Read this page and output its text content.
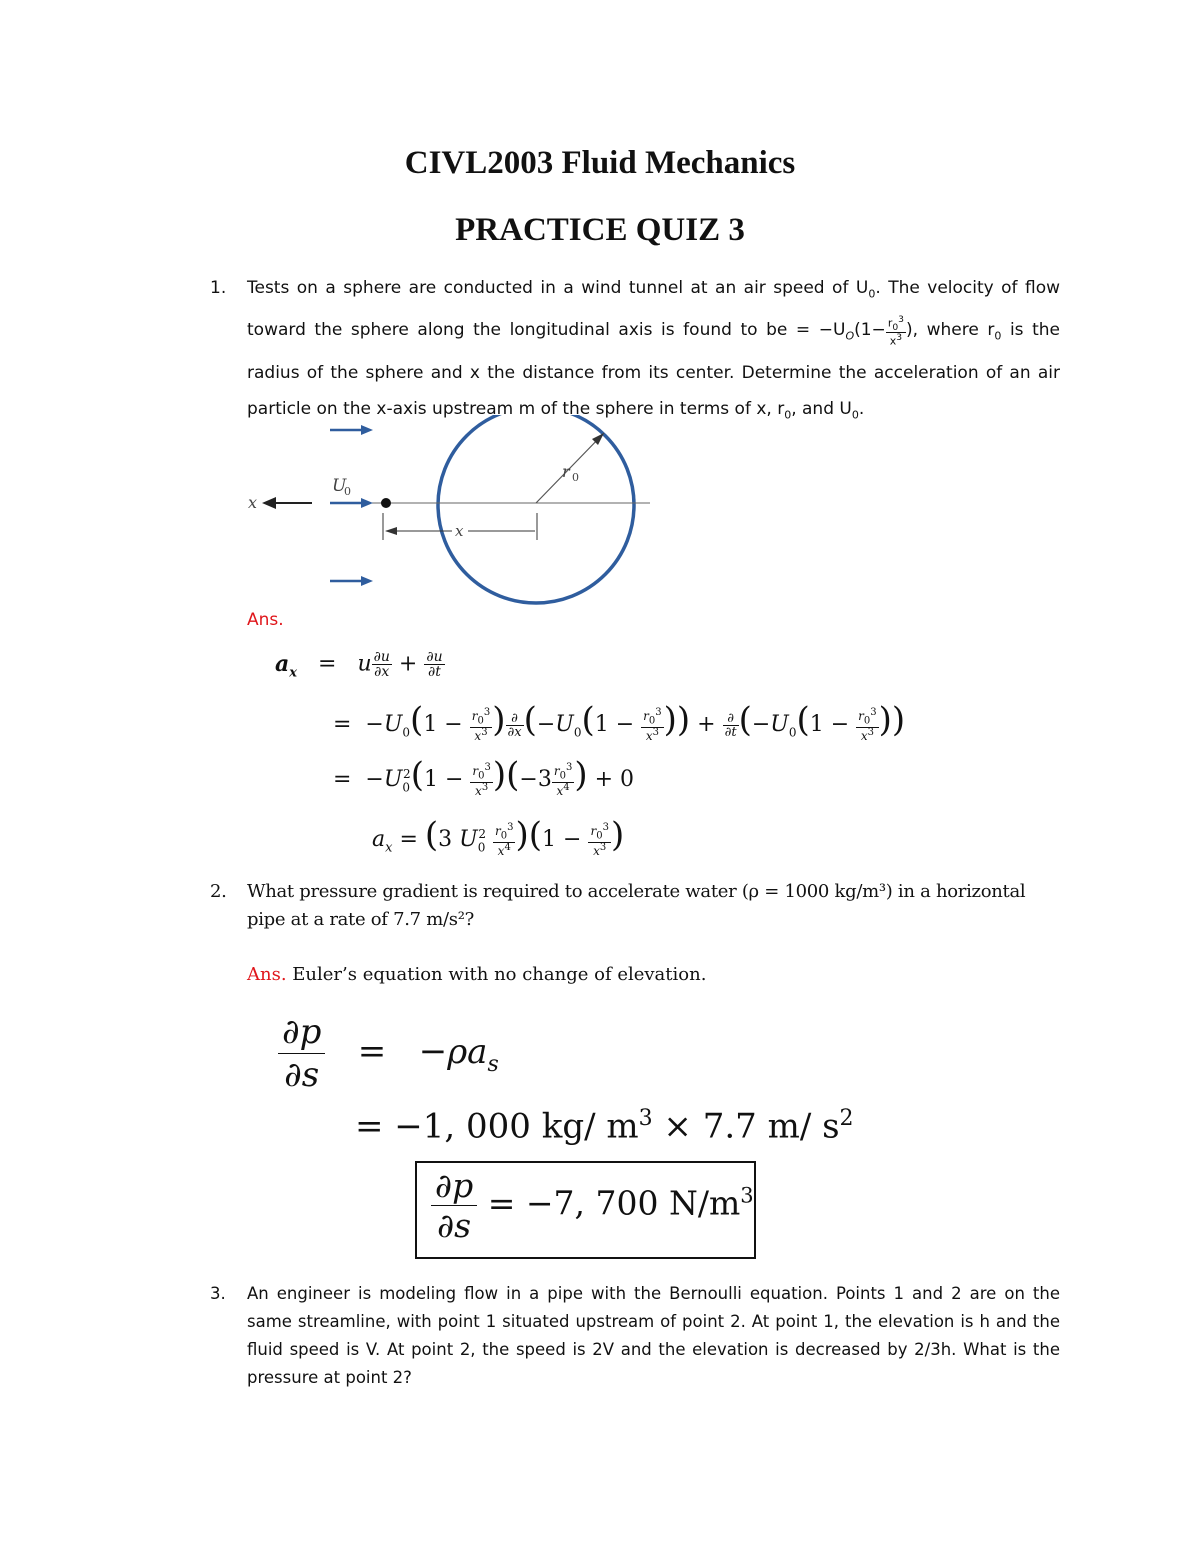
CIVL2003 Fluid Mechanics
PRACTICE QUIZ 3
1.	Tests on a sphere are conducted in a wind tunnel at an air speed of $U_0$. The velocity of flow toward the sphere along the longitudinal axis is found to be = $-U_O(1- \frac{r_0^3}{x^3}$ ), where $r_0$ is the radius of the sphere and x the distance from its center. Determine the acceleration of an air particle on the x-axis upstream m of the sphere in terms of x, $r_0$, and $U_0$.
r 0
U
0
x
x
Ans.
$a_x = u \frac{\partial u}{\partial x} + \frac{\partial u}{\partial t}$
=  $-U_0(1 - \frac{r_0^3}{x^3}$ ) $\frac{\partial}{\partial x} (-U_0(1 - \frac{r_0^3}{x^3}$ )) + $\frac{\partial}{\partial t} (-U_0(1 - \frac{r_0^3}{x^3}$ ))
=  $-U_0^2(1 - \frac{r_0^3}{x^3} )(-3 \frac{r_0^3}{x^4}$ ) + 0
$a_x = (3$ $U_0^2 \frac{r_0^3}{x^4} )(1 - \frac{r_0^3}{x^3}$ )
2.	What pressure gradient is required to accelerate water (ρ = 1000 kg/m³) in a horizontal pipe at a rate of 7.7 m/s²?
Ans. Euler’s equation with no change of elevation.
$\frac{\partial p}{\partial s} = -\rho a_s$
= −1, 000 kg/ $m^3 \times 7.7$ m/ $s^2$
$\frac{\partial p}{\partial s} = -7$, 700 $N/m^3$
3.	An engineer is modeling flow in a pipe with the Bernoulli equation. Points 1 and 2 are on the same streamline, with point 1 situated upstream of point 2. At point 1, the elevation is h and the fluid speed is V. At point 2, the speed is 2V and the elevation is decreased by 2/3h. What is the pressure at point 2?
